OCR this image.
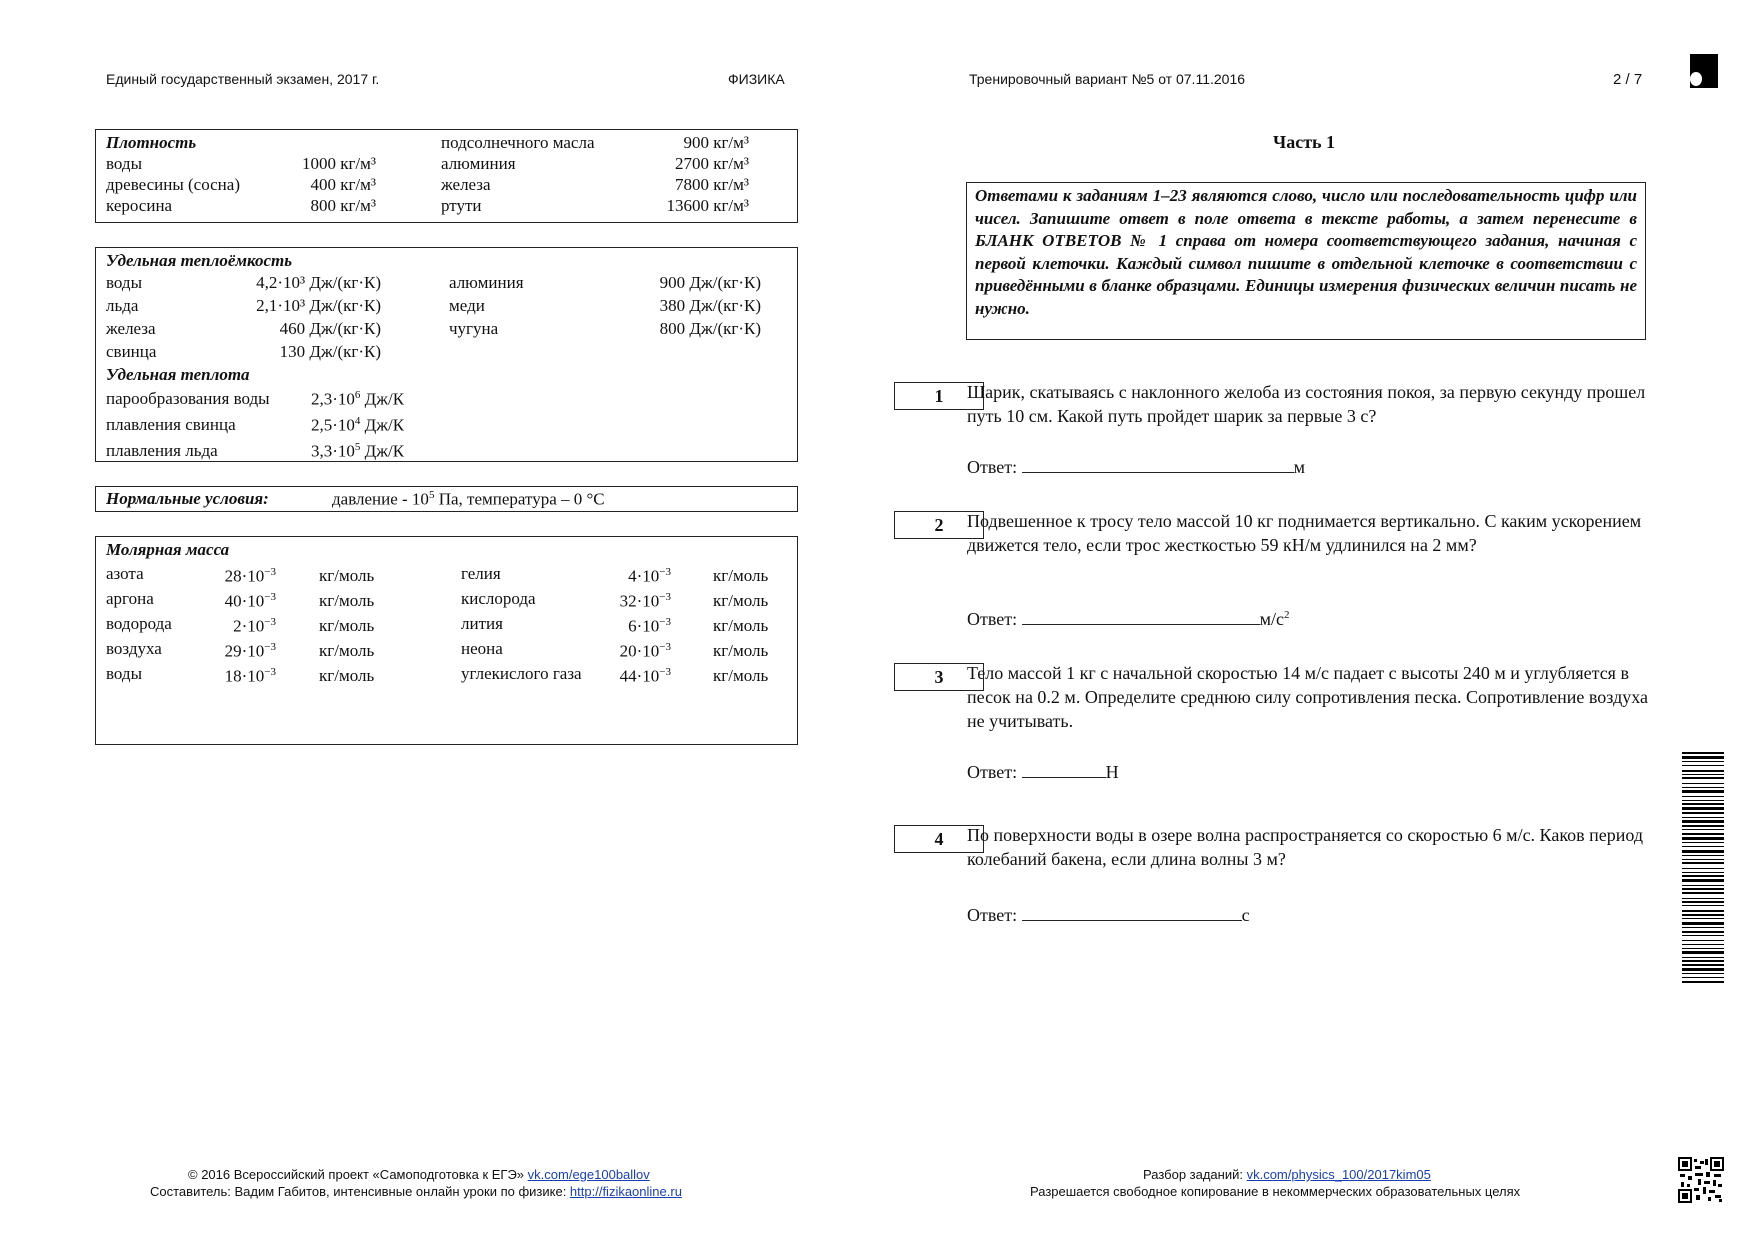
Единый государственный экзамен, 2017 г.	ФИЗИКА	Тренировочный вариант №5 от 07.11.2016	2 / 7
Плотность	подсолнечного масла	900 кг/м³
воды	1000 кг/м³	алюминия	2700 кг/м³
древесины (сосна)	400 кг/м³	железа	7800 кг/м³
керосина	800 кг/м³	ртути	13600 кг/м³
Удельная теплоёмкость
воды	4,2·10³ Дж/(кг·К)	алюминия	900 Дж/(кг·К)
льда	2,1·10³ Дж/(кг·К)	меди	380 Дж/(кг·К)
железа	460 Дж/(кг·К)	чугуна	800 Дж/(кг·К)
свинца	130 Дж/(кг·К)
Удельная теплота
парообразования воды $2,3\cdot 10^6$ Дж/К
плавления свинца	$2,5\cdot 10^4$ Дж/К
плавления льда	$3,3\cdot 10^5$ Дж/К
Нормальные условия:	давление - $10^5$ Па, температура – 0 °С
Молярная масса
азота	$28\cdot 10^{-3}$	кг/моль	гелия	$4\cdot 10^{-3}$ кг/моль
аргона	$40\cdot 10^{-3}$	кг/моль	кислорода	$32\cdot 10^{-3}$ кг/моль
водорода	$2\cdot 10^{-3}$	кг/моль	лития	$6\cdot 10^{-3}$ кг/моль
воздуха	$29\cdot 10^{-3}$	кг/моль	неона	$20\cdot 10^{-3}$ кг/моль
воды	$18\cdot 10^{-3}$	кг/моль	углекислого газа	$44\cdot 10^{-3}$ кг/моль
Часть 1
Ответами к заданиям 1–23 являются слово, число или последовательность цифр или чисел. Запишите ответ в поле ответа в тексте работы, а затем перенесите в БЛАНК ОТВЕТОВ № 1 справа от номера соответствующего задания, начиная с первой клеточки. Каждый символ пишите в отдельной клеточке в соответствии с приведёнными в бланке образцами. Единицы измерения физических величин писать не нужно.
© 2016 Всероссийский проект «Самоподготовка к ЕГЭ» vk.com/ege100ballov
Составитель: Вадим Габитов, интенсивные онлайн уроки по физике: http://fizikaonline.ru
Разбор заданий: vk.com/physics_100/2017kim05
Разрешается свободное копирование в некоммерческих образовательных целях
1	Шарик, скатываясь с наклонного желоба из состояния покоя, за первую секунду прошел путь 10 см. Какой путь пройдет шарик за первые 3 с?
Ответ:	м
2	Подвешенное к тросу тело массой 10 кг поднимается вертикально. С каким ускорением движется тело, если трос жесткостью 59 кН/м удлинился на 2 мм?
Ответ:	$м/с^2$
3	Тело массой 1 кг с начальной скоростью 14 м/с падает с высоты 240 м и углубляется в песок на 0.2 м. Определите среднюю силу сопротивления песка. Сопротивление воздуха не учитывать.
Ответ:	Н
4	По поверхности воды в озере волна распространяется со скоростью 6 м/с. Каков период колебаний бакена, если длина волны 3 м?
Ответ:	с
